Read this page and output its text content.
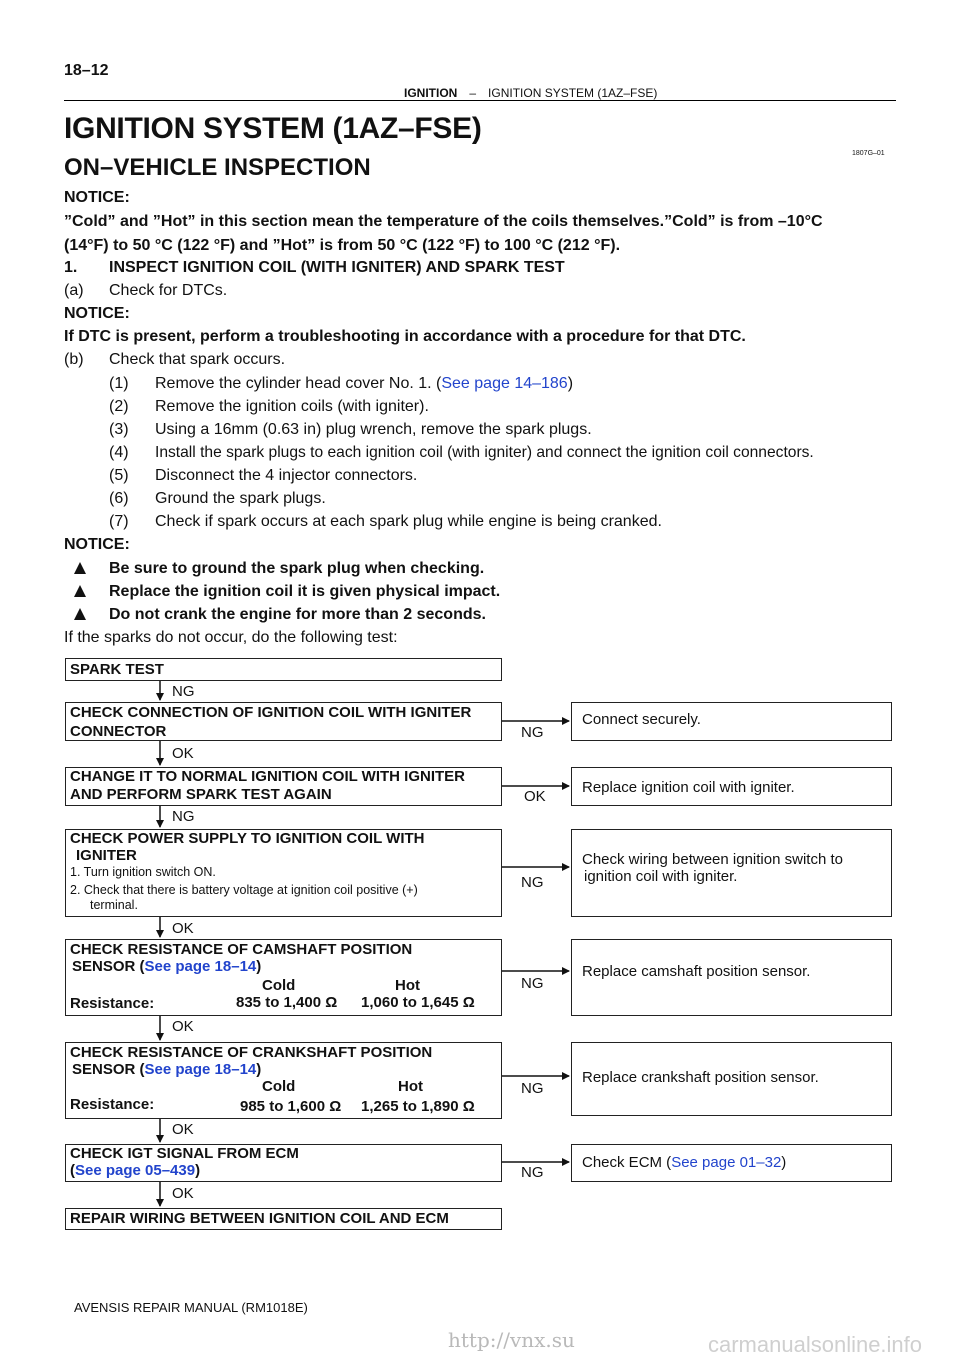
18–12
IGNITION – IGNITION SYSTEM (1AZ–FSE)
IGNITION SYSTEM (1AZ–FSE)
1807G–01
ON–VEHICLE INSPECTION
NOTICE:
”Cold” and ”Hot” in this section mean the temperature of the coils themselves.”Cold” is from –10°C
(14°F) to 50 °C (122 °F) and ”Hot” is from 50 °C (122 °F) to 100 °C (212 °F).
1. INSPECT IGNITION COIL (WITH IGNITER) AND SPARK TEST
(a) Check for DTCs.
NOTICE:
If DTC is present, perform a troubleshooting in accordance with a procedure for that DTC.
(b) Check that spark occurs.
(1) Remove the cylinder head cover No. 1. (See page 14–186)
(2) Remove the ignition coils (with igniter).
(3) Using a 16mm (0.63 in) plug wrench, remove the spark plugs.
(4) Install the spark plugs to each ignition coil (with igniter) and connect the ignition coil connectors.
(5) Disconnect the 4 injector connectors.
(6) Ground the spark plugs.
(7) Check if spark occurs at each spark plug while engine is being cranked.
NOTICE:
Be sure to ground the spark plug when checking.
Replace the ignition coil it is given physical impact.
Do not crank the engine for more than 2 seconds.
If the sparks do not occur, do the following test:
SPARK TEST
CHECK CONNECTION OF IGNITION COIL WITH IGNITER
CONNECTOR
CHANGE IT TO NORMAL IGNITION COIL WITH IGNITER
AND PERFORM SPARK TEST AGAIN
CHECK POWER SUPPLY TO IGNITION COIL WITH
IGNITER
1. Turn ignition switch ON.
2. Check that there is battery voltage at ignition coil positive (+)
terminal.
CHECK RESISTANCE OF CAMSHAFT POSITION
SENSOR (See page 18–14)
Cold	Hot
Resistance:	835 to 1,400 Ω 1,060 to 1,645 Ω
CHECK RESISTANCE OF CRANKSHAFT POSITION
SENSOR (See page 18–14)
Cold	Hot
Resistance:	985 to 1,600 Ω 1,265 to 1,890 Ω
CHECK IGT SIGNAL FROM ECM
(See page 05–439)
REPAIR WIRING BETWEEN IGNITION COIL AND ECM
Connect securely.
Replace ignition coil with igniter.
Check wiring between ignition switch to
ignition coil with igniter.
Replace camshaft position sensor.
Replace crankshaft position sensor.
Check ECM (See page 01–32)
NG
OK
NG
OK
OK
OK
OK
NG
OK
NG
NG
NG
NG
AVENSIS REPAIR MANUAL (RM1018E)
http://vnx.su	carmanualsonline.info
